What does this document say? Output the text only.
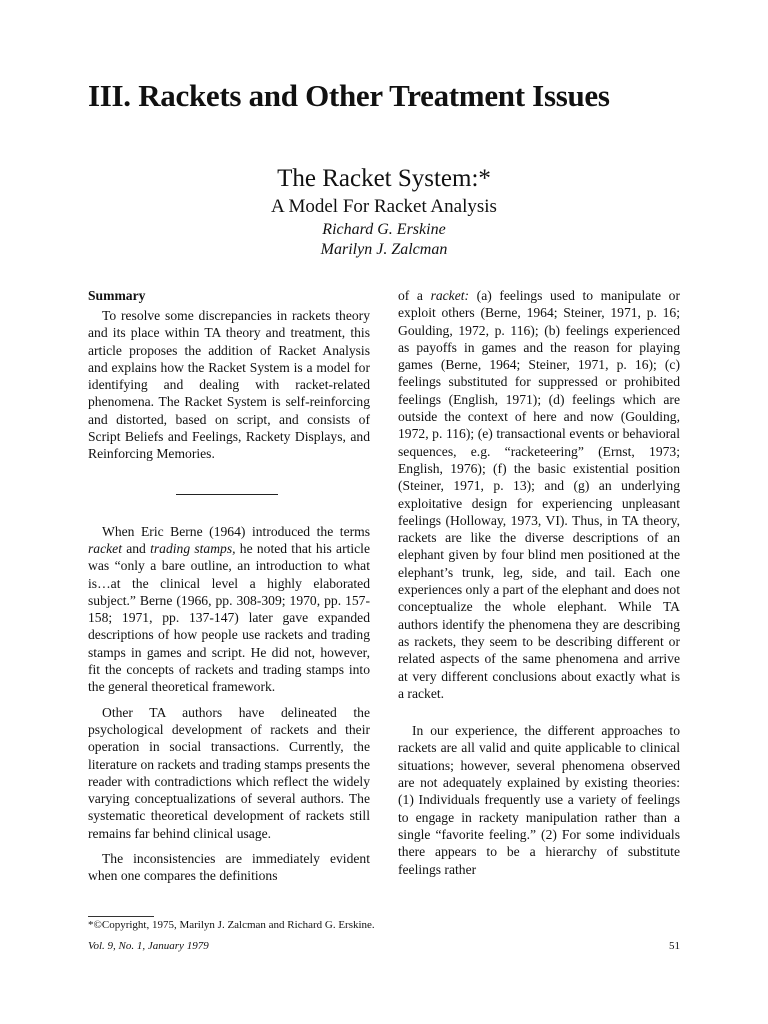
III. Rackets and Other Treatment Issues
The Racket System:*
A Model For Racket Analysis
Richard G. Erskine
Marilyn J. Zalcman

Summary

To resolve some discrepancies in rackets theory and its place within TA theory and treatment, this article proposes the addition of Racket Analysis and explains how the Racket System is a model for identifying and dealing with racket-related phenomena. The Racket System is self-reinforcing and distorted, based on script, and consists of Script Beliefs and Feelings, Rackety Displays, and Reinforcing Memories.

When Eric Berne (1964) introduced the terms racket and trading stamps, he noted that his article was “only a bare outline, an introduction to what is…at the clinical level a highly elaborated subject.” Berne (1966, pp. 308-309; 1970, pp. 157-158; 1971, pp. 137-147) later gave expanded descriptions of how people use rackets and trading stamps in games and script. He did not, however, fit the concepts of rackets and trading stamps into the general theoretical framework.

Other TA authors have delineated the psychological development of rackets and their operation in social transactions. Currently, the literature on rackets and trading stamps presents the reader with contradictions which reflect the widely varying conceptualizations of several authors. The systematic theoretical development of rackets still remains far behind clinical usage.

The inconsistencies are immediately evident when one compares the definitions

of a racket: (a) feelings used to manipulate or exploit others (Berne, 1964; Steiner, 1971, p. 16; Goulding, 1972, p. 116); (b) feelings experienced as payoffs in games and the reason for playing games (Berne, 1964; Steiner, 1971, p. 16); (c) feelings substituted for suppressed or prohibited feelings (English, 1971); (d) feelings which are outside the context of here and now (Goulding, 1972, p. 116); (e) transactional events or behavioral sequences, e.g. “racketeering” (Ernst, 1973; English, 1976); (f) the basic existential position (Steiner, 1971, p. 13); and (g) an underlying exploitative design for experiencing unpleasant feelings (Holloway, 1973, VI). Thus, in TA theory, rackets are like the diverse descriptions of an elephant given by four blind men positioned at the elephant’s trunk, leg, side, and tail. Each one experiences only a part of the elephant and does not conceptualize the whole elephant. While TA authors identify the phenomena they are describing as rackets, they seem to be describing different or related aspects of the same phenomena and arrive at very different conclusions about exactly what is a racket.

In our experience, the different approaches to rackets are all valid and quite applicable to clinical situations; however, several phenomena observed are not adequately explained by existing theories: (1) Individuals frequently use a variety of feelings to engage in rackety manipulation rather than a single “favorite feeling.” (2) For some individuals there appears to be a hierarchy of substitute feelings rather

*©Copyright, 1975, Marilyn J. Zalcman and Richard G. Erskine.
Vol. 9, No. 1, January 1979	51
